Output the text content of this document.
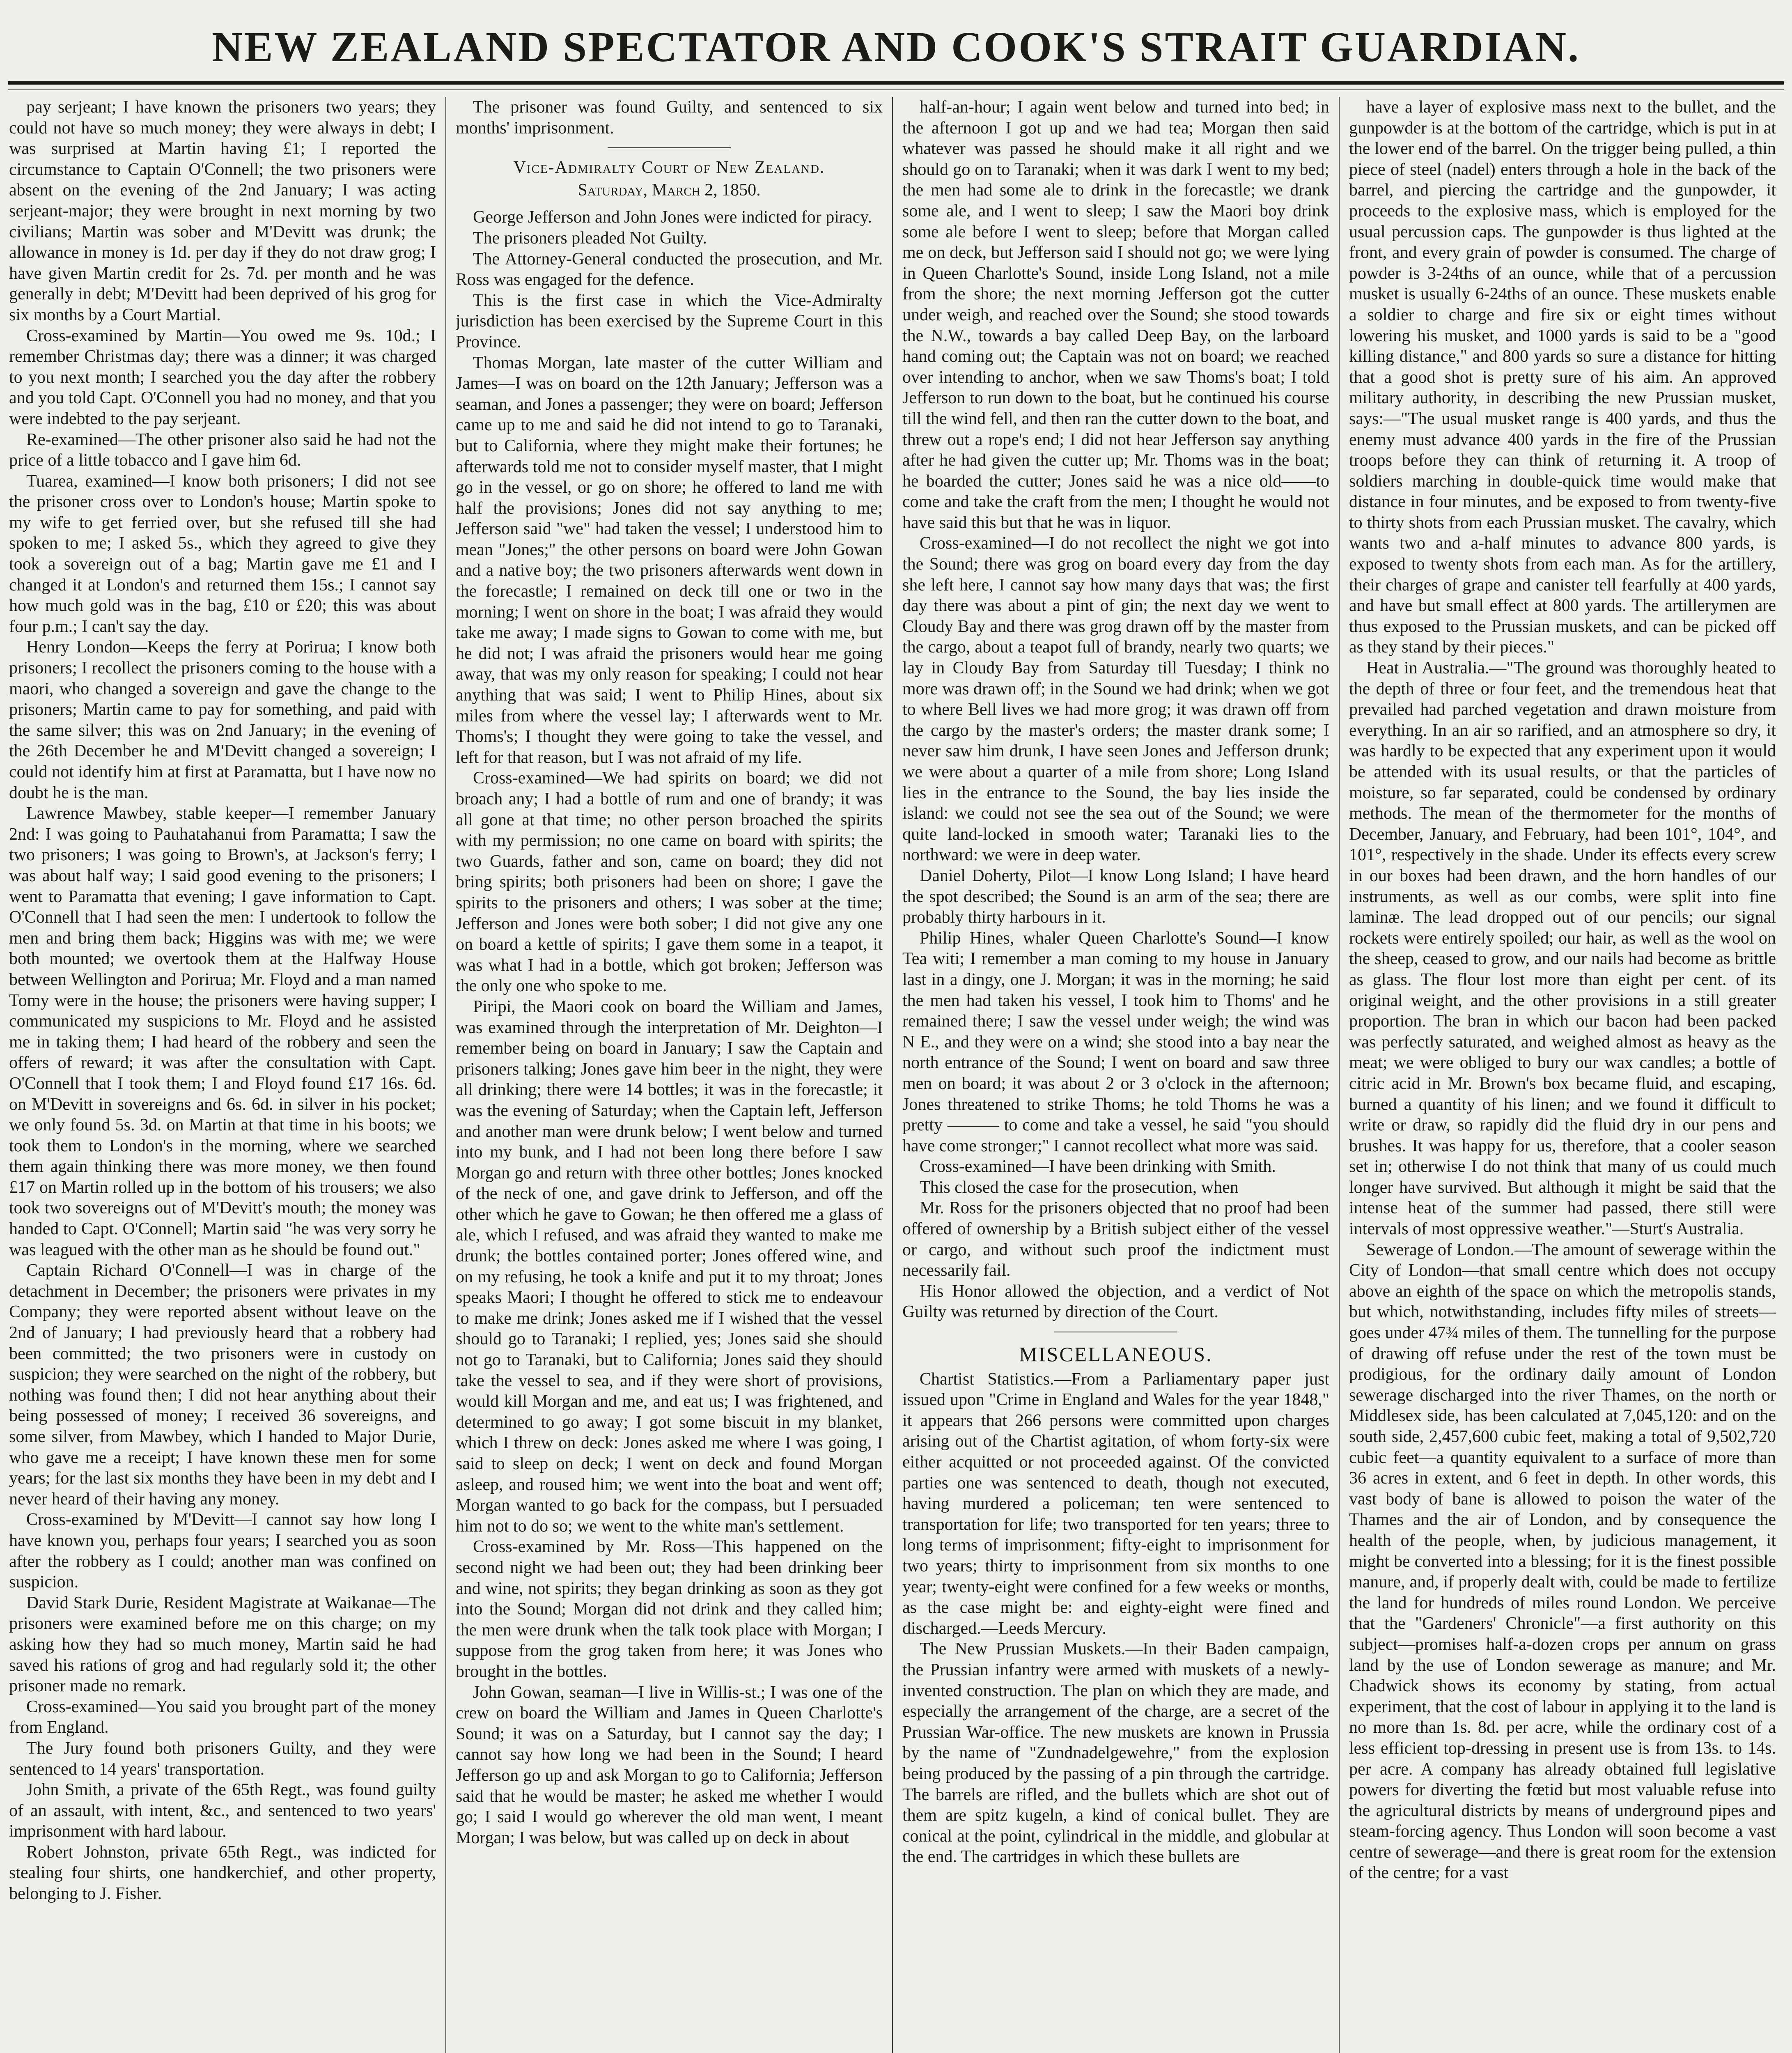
NEW ZEALAND SPECTATOR AND COOK'S STRAIT GUARDIAN.

pay serjeant; I have known the prisoners two years; they could not have so much money; they were always in debt; I was surprised at Martin having £1; I reported the circumstance to Captain O'Connell; the two prisoners were absent on the evening of the 2nd January; I was acting serjeant-major; they were brought in next morning by two civilians; Martin was sober and M'Devitt was drunk; the allowance in money is 1d. per day if they do not draw grog; I have given Martin credit for 2s. 7d. per month and he was generally in debt; M'Devitt had been deprived of his grog for six months by a Court Martial.

Cross-examined by Martin—You owed me 9s. 10d.; I remember Christmas day; there was a dinner; it was charged to you next month; I searched you the day after the robbery and you told Capt. O'Connell you had no money, and that you were indebted to the pay serjeant.

Re-examined—The other prisoner also said he had not the price of a little tobacco and I gave him 6d.

Tuarea, examined—I know both prisoners; I did not see the prisoner cross over to London's house; Martin spoke to my wife to get ferried over, but she refused till she had spoken to me; I asked 5s., which they agreed to give they took a sovereign out of a bag; Martin gave me £1 and I changed it at London's and returned them 15s.; I cannot say how much gold was in the bag, £10 or £20; this was about four p.m.; I can't say the day.

Henry London—Keeps the ferry at Porirua; I know both prisoners; I recollect the prisoners coming to the house with a maori, who changed a sovereign and gave the change to the prisoners; Martin came to pay for something, and paid with the same silver; this was on 2nd January; in the evening of the 26th December he and M'Devitt changed a sovereign; I could not identify him at first at Paramatta, but I have now no doubt he is the man.

Lawrence Mawbey, stable keeper—I remember January 2nd: I was going to Pauhatahanui from Paramatta; I saw the two prisoners; I was going to Brown's, at Jackson's ferry; I was about half way; I said good evening to the prisoners; I went to Paramatta that evening; I gave information to Capt. O'Connell that I had seen the men: I undertook to follow the men and bring them back; Higgins was with me; we were both mounted; we overtook them at the Halfway House between Wellington and Porirua; Mr. Floyd and a man named Tomy were in the house; the prisoners were having supper; I communicated my suspicions to Mr. Floyd and he assisted me in taking them; I had heard of the robbery and seen the offers of reward; it was after the consultation with Capt. O'Connell that I took them; I and Floyd found £17 16s. 6d. on M'Devitt in sovereigns and 6s. 6d. in silver in his pocket; we only found 5s. 3d. on Martin at that time in his boots; we took them to London's in the morning, where we searched them again thinking there was more money, we then found £17 on Martin rolled up in the bottom of his trousers; we also took two sovereigns out of M'Devitt's mouth; the money was handed to Capt. O'Connell; Martin said "he was very sorry he was leagued with the other man as he should be found out."

Captain Richard O'Connell—I was in charge of the detachment in December; the prisoners were privates in my Company; they were reported absent without leave on the 2nd of January; I had previously heard that a robbery had been committed; the two prisoners were in custody on suspicion; they were searched on the night of the robbery, but nothing was found then; I did not hear anything about their being possessed of money; I received 36 sovereigns, and some silver, from Mawbey, which I handed to Major Durie, who gave me a receipt; I have known these men for some years; for the last six months they have been in my debt and I never heard of their having any money.

Cross-examined by M'Devitt—I cannot say how long I have known you, perhaps four years; I searched you as soon after the robbery as I could; another man was confined on suspicion.

David Stark Durie, Resident Magistrate at Waikanae—The prisoners were examined before me on this charge; on my asking how they had so much money, Martin said he had saved his rations of grog and had regularly sold it; the other prisoner made no remark.

Cross-examined—You said you brought part of the money from England.

The Jury found both prisoners Guilty, and they were sentenced to 14 years' transportation.

John Smith, a private of the 65th Regt., was found guilty of an assault, with intent, &c., and sentenced to two years' imprisonment with hard labour.

Robert Johnston, private 65th Regt., was indicted for stealing four shirts, one handkerchief, and other property, belonging to J. Fisher.

The prisoner was found Guilty, and sentenced to six months' imprisonment.

Vice-Admiralty Court of New Zealand.

Saturday, March 2, 1850.

George Jefferson and John Jones were indicted for piracy.

The prisoners pleaded Not Guilty.

The Attorney-General conducted the prosecution, and Mr. Ross was engaged for the defence.

This is the first case in which the Vice-Admiralty jurisdiction has been exercised by the Supreme Court in this Province.

Thomas Morgan, late master of the cutter William and James—I was on board on the 12th January; Jefferson was a seaman, and Jones a passenger; they were on board; Jefferson came up to me and said he did not intend to go to Taranaki, but to California, where they might make their fortunes; he afterwards told me not to consider myself master, that I might go in the vessel, or go on shore; he offered to land me with half the provisions; Jones did not say anything to me; Jefferson said "we" had taken the vessel; I understood him to mean "Jones;" the other persons on board were John Gowan and a native boy; the two prisoners afterwards went down in the forecastle; I remained on deck till one or two in the morning; I went on shore in the boat; I was afraid they would take me away; I made signs to Gowan to come with me, but he did not; I was afraid the prisoners would hear me going away, that was my only reason for speaking; I could not hear anything that was said; I went to Philip Hines, about six miles from where the vessel lay; I afterwards went to Mr. Thoms's; I thought they were going to take the vessel, and left for that reason, but I was not afraid of my life.

Cross-examined—We had spirits on board; we did not broach any; I had a bottle of rum and one of brandy; it was all gone at that time; no other person broached the spirits with my permission; no one came on board with spirits; the two Guards, father and son, came on board; they did not bring spirits; both prisoners had been on shore; I gave the spirits to the prisoners and others; I was sober at the time; Jefferson and Jones were both sober; I did not give any one on board a kettle of spirits; I gave them some in a teapot, it was what I had in a bottle, which got broken; Jefferson was the only one who spoke to me.

Piripi, the Maori cook on board the William and James, was examined through the interpretation of Mr. Deighton—I remember being on board in January; I saw the Captain and prisoners talking; Jones gave him beer in the night, they were all drinking; there were 14 bottles; it was in the forecastle; it was the evening of Saturday; when the Captain left, Jefferson and another man were drunk below; I went below and turned into my bunk, and I had not been long there before I saw Morgan go and return with three other bottles; Jones knocked of the neck of one, and gave drink to Jefferson, and off the other which he gave to Gowan; he then offered me a glass of ale, which I refused, and was afraid they wanted to make me drunk; the bottles contained porter; Jones offered wine, and on my refusing, he took a knife and put it to my throat; Jones speaks Maori; I thought he offered to stick me to endeavour to make me drink; Jones asked me if I wished that the vessel should go to Taranaki; I replied, yes; Jones said she should not go to Taranaki, but to California; Jones said they should take the vessel to sea, and if they were short of provisions, would kill Morgan and me, and eat us; I was frightened, and determined to go away; I got some biscuit in my blanket, which I threw on deck: Jones asked me where I was going, I said to sleep on deck; I went on deck and found Morgan asleep, and roused him; we went into the boat and went off; Morgan wanted to go back for the compass, but I persuaded him not to do so; we went to the white man's settlement.

Cross-examined by Mr. Ross—This happened on the second night we had been out; they had been drinking beer and wine, not spirits; they began drinking as soon as they got into the Sound; Morgan did not drink and they called him; the men were drunk when the talk took place with Morgan; I suppose from the grog taken from here; it was Jones who brought in the bottles.

John Gowan, seaman—I live in Willis-st.; I was one of the crew on board the William and James in Queen Charlotte's Sound; it was on a Saturday, but I cannot say the day; I cannot say how long we had been in the Sound; I heard Jefferson go up and ask Morgan to go to California; Jefferson said that he would be master; he asked me whether I would go; I said I would go wherever the old man went, I meant Morgan; I was below, but was called up on deck in about

half-an-hour; I again went below and turned into bed; in the afternoon I got up and we had tea; Morgan then said whatever was passed he should make it all right and we should go on to Taranaki; when it was dark I went to my bed; the men had some ale to drink in the forecastle; we drank some ale, and I went to sleep; I saw the Maori boy drink some ale before I went to sleep; before that Morgan called me on deck, but Jefferson said I should not go; we were lying in Queen Charlotte's Sound, inside Long Island, not a mile from the shore; the next morning Jefferson got the cutter under weigh, and reached over the Sound; she stood towards the N.W., towards a bay called Deep Bay, on the larboard hand coming out; the Captain was not on board; we reached over intending to anchor, when we saw Thoms's boat; I told Jefferson to run down to the boat, but he continued his course till the wind fell, and then ran the cutter down to the boat, and threw out a rope's end; I did not hear Jefferson say anything after he had given the cutter up; Mr. Thoms was in the boat; he boarded the cutter; Jones said he was a nice old——to come and take the craft from the men; I thought he would not have said this but that he was in liquor.

Cross-examined—I do not recollect the night we got into the Sound; there was grog on board every day from the day she left here, I cannot say how many days that was; the first day there was about a pint of gin; the next day we went to Cloudy Bay and there was grog drawn off by the master from the cargo, about a teapot full of brandy, nearly two quarts; we lay in Cloudy Bay from Saturday till Tuesday; I think no more was drawn off; in the Sound we had drink; when we got to where Bell lives we had more grog; it was drawn off from the cargo by the master's orders; the master drank some; I never saw him drunk, I have seen Jones and Jefferson drunk; we were about a quarter of a mile from shore; Long Island lies in the entrance to the Sound, the bay lies inside the island: we could not see the sea out of the Sound; we were quite land-locked in smooth water; Taranaki lies to the northward: we were in deep water.

Daniel Doherty, Pilot—I know Long Island; I have heard the spot described; the Sound is an arm of the sea; there are probably thirty harbours in it.

Philip Hines, whaler Queen Charlotte's Sound—I know Tea witi; I remember a man coming to my house in January last in a dingy, one J. Morgan; it was in the morning; he said the men had taken his vessel, I took him to Thoms' and he remained there; I saw the vessel under weigh; the wind was N E., and they were on a wind; she stood into a bay near the north entrance of the Sound; I went on board and saw three men on board; it was about 2 or 3 o'clock in the afternoon; Jones threatened to strike Thoms; he told Thoms he was a pretty ——— to come and take a vessel, he said "you should have come stronger;" I cannot recollect what more was said.

Cross-examined—I have been drinking with Smith.

This closed the case for the prosecution, when

Mr. Ross for the prisoners objected that no proof had been offered of ownership by a British subject either of the vessel or cargo, and without such proof the indictment must necessarily fail.

His Honor allowed the objection, and a verdict of Not Guilty was returned by direction of the Court.

MISCELLANEOUS.

Chartist Statistics.—From a Parliamentary paper just issued upon "Crime in England and Wales for the year 1848," it appears that 266 persons were committed upon charges arising out of the Chartist agitation, of whom forty-six were either acquitted or not proceeded against. Of the convicted parties one was sentenced to death, though not executed, having murdered a policeman; ten were sentenced to transportation for life; two transported for ten years; three to long terms of imprisonment; fifty-eight to imprisonment for two years; thirty to imprisonment from six months to one year; twenty-eight were confined for a few weeks or months, as the case might be: and eighty-eight were fined and discharged.—Leeds Mercury.

The New Prussian Muskets.—In their Baden campaign, the Prussian infantry were armed with muskets of a newly-invented construction. The plan on which they are made, and especially the arrangement of the charge, are a secret of the Prussian War-office. The new muskets are known in Prussia by the name of "Zundnadelgewehre," from the explosion being produced by the passing of a pin through the cartridge. The barrels are rifled, and the bullets which are shot out of them are spitz kugeln, a kind of conical bullet. They are conical at the point, cylindrical in the middle, and globular at the end. The cartridges in which these bullets are

have a layer of explosive mass next to the bullet, and the gunpowder is at the bottom of the cartridge, which is put in at the lower end of the barrel. On the trigger being pulled, a thin piece of steel (nadel) enters through a hole in the back of the barrel, and piercing the cartridge and the gunpowder, it proceeds to the explosive mass, which is employed for the usual percussion caps. The gunpowder is thus lighted at the front, and every grain of powder is consumed. The charge of powder is 3-24ths of an ounce, while that of a percussion musket is usually 6-24ths of an ounce. These muskets enable a soldier to charge and fire six or eight times without lowering his musket, and 1000 yards is said to be a "good killing distance," and 800 yards so sure a distance for hitting that a good shot is pretty sure of his aim. An approved military authority, in describing the new Prussian musket, says:—"The usual musket range is 400 yards, and thus the enemy must advance 400 yards in the fire of the Prussian troops before they can think of returning it. A troop of soldiers marching in double-quick time would make that distance in four minutes, and be exposed to from twenty-five to thirty shots from each Prussian musket. The cavalry, which wants two and a-half minutes to advance 800 yards, is exposed to twenty shots from each man. As for the artillery, their charges of grape and canister tell fearfully at 400 yards, and have but small effect at 800 yards. The artillerymen are thus exposed to the Prussian muskets, and can be picked off as they stand by their pieces."

Heat in Australia.—"The ground was thoroughly heated to the depth of three or four feet, and the tremendous heat that prevailed had parched vegetation and drawn moisture from everything. In an air so rarified, and an atmosphere so dry, it was hardly to be expected that any experiment upon it would be attended with its usual results, or that the particles of moisture, so far separated, could be condensed by ordinary methods. The mean of the thermometer for the months of December, January, and February, had been 101°, 104°, and 101°, respectively in the shade. Under its effects every screw in our boxes had been drawn, and the horn handles of our instruments, as well as our combs, were split into fine laminæ. The lead dropped out of our pencils; our signal rockets were entirely spoiled; our hair, as well as the wool on the sheep, ceased to grow, and our nails had become as brittle as glass. The flour lost more than eight per cent. of its original weight, and the other provisions in a still greater proportion. The bran in which our bacon had been packed was perfectly saturated, and weighed almost as heavy as the meat; we were obliged to bury our wax candles; a bottle of citric acid in Mr. Brown's box became fluid, and escaping, burned a quantity of his linen; and we found it difficult to write or draw, so rapidly did the fluid dry in our pens and brushes. It was happy for us, therefore, that a cooler season set in; otherwise I do not think that many of us could much longer have survived. But although it might be said that the intense heat of the summer had passed, there still were intervals of most oppressive weather."—Sturt's Australia.

Sewerage of London.—The amount of sewerage within the City of London—that small centre which does not occupy above an eighth of the space on which the metropolis stands, but which, notwithstanding, includes fifty miles of streets—goes under 47¾ miles of them. The tunnelling for the purpose of drawing off refuse under the rest of the town must be prodigious, for the ordinary daily amount of London sewerage discharged into the river Thames, on the north or Middlesex side, has been calculated at 7,045,120: and on the south side, 2,457,600 cubic feet, making a total of 9,502,720 cubic feet—a quantity equivalent to a surface of more than 36 acres in extent, and 6 feet in depth. In other words, this vast body of bane is allowed to poison the water of the Thames and the air of London, and by consequence the health of the people, when, by judicious management, it might be converted into a blessing; for it is the finest possible manure, and, if properly dealt with, could be made to fertilize the land for hundreds of miles round London. We perceive that the "Gardeners' Chronicle"—a first authority on this subject—promises half-a-dozen crops per annum on grass land by the use of London sewerage as manure; and Mr. Chadwick shows its economy by stating, from actual experiment, that the cost of labour in applying it to the land is no more than 1s. 8d. per acre, while the ordinary cost of a less efficient top-dressing in present use is from 13s. to 14s. per acre. A company has already obtained full legislative powers for diverting the fœtid but most valuable refuse into the agricultural districts by means of underground pipes and steam-forcing agency. Thus London will soon become a vast centre of sewerage—and there is great room for the extension of the centre; for a vast
